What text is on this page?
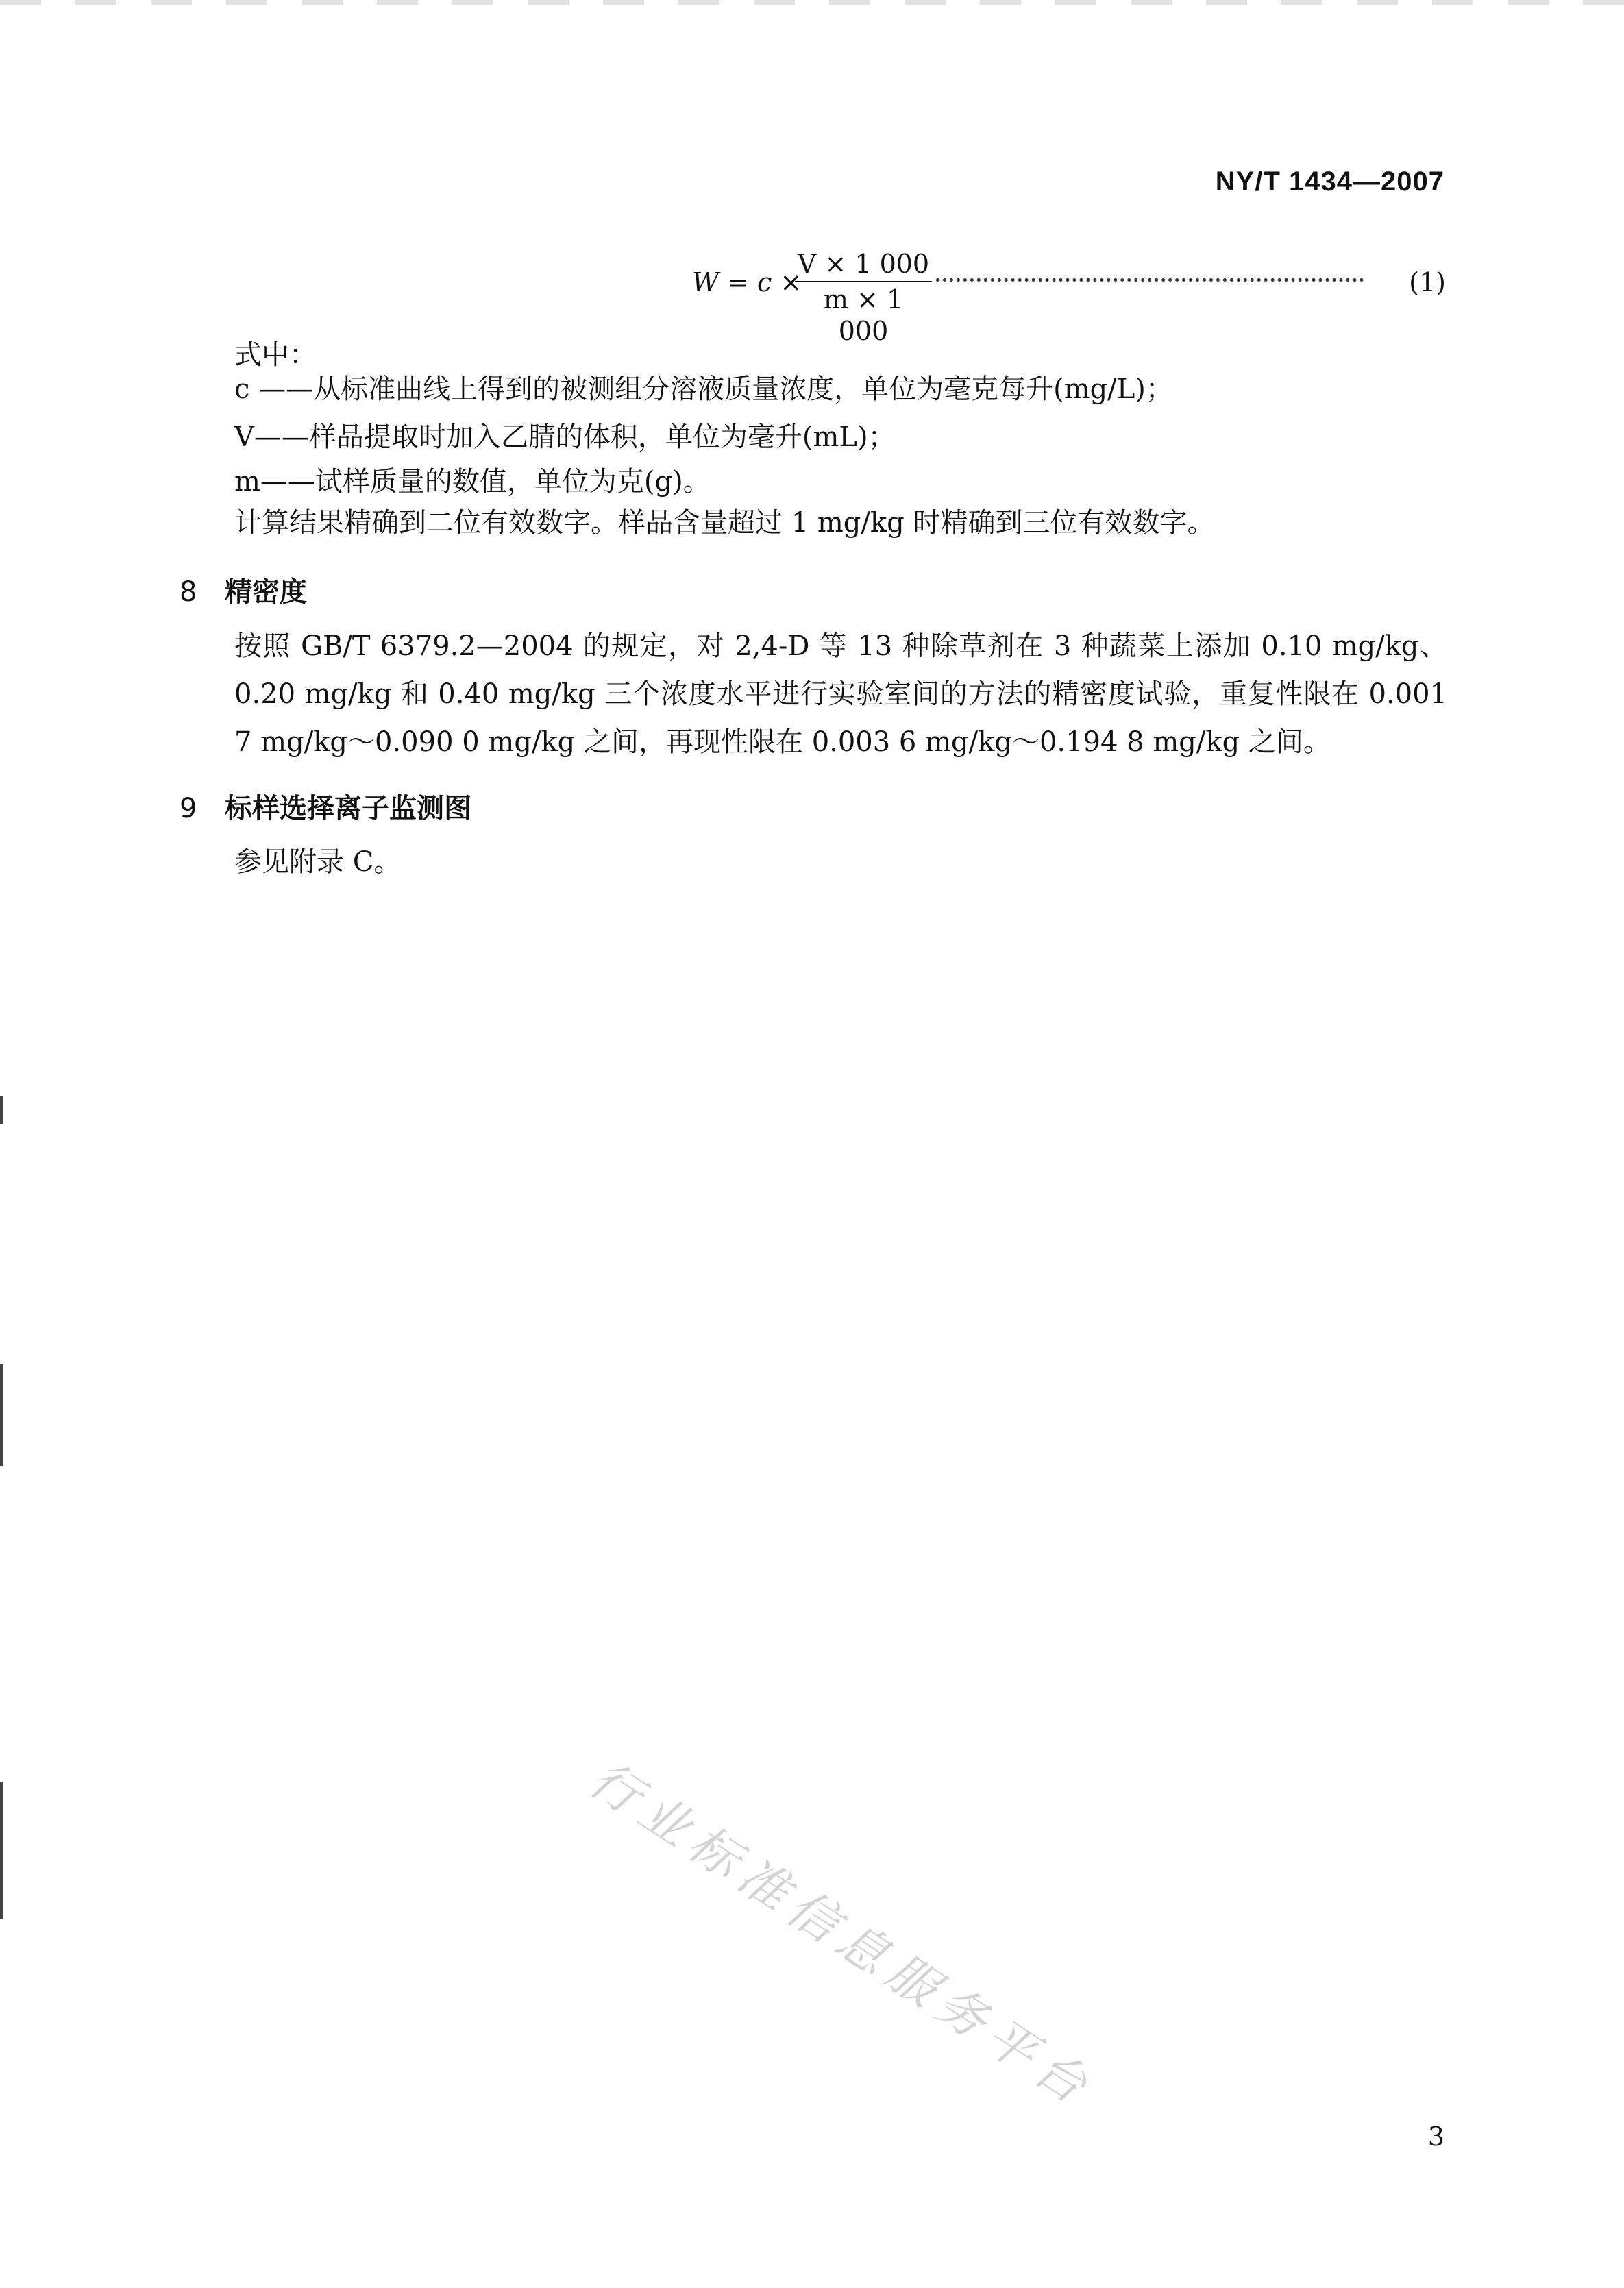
NY/T 1434—2007
W = c ×
V × 1 000
m × 1 000
(1)
式中：
c ——从标准曲线上得到的被测组分溶液质量浓度，单位为毫克每升(mg/L)；
V——样品提取时加入乙腈的体积，单位为毫升(mL)；
m——试样质量的数值，单位为克(g)。
计算结果精确到二位有效数字。样品含量超过 1 mg/kg 时精确到三位有效数字。
8 精密度
按照 GB/T 6379.2—2004 的规定，对 2,4-D 等 13 种除草剂在 3 种蔬菜上添加 0.10 mg/kg、0.20 mg/kg 和 0.40 mg/kg 三个浓度水平进行实验室间的方法的精密度试验，重复性限在 0.001 7 mg/kg～0.090 0 mg/kg 之间，再现性限在 0.003 6 mg/kg～0.194 8 mg/kg 之间。
9 标样选择离子监测图
参见附录 C。
行业标准信息服务平台
3
